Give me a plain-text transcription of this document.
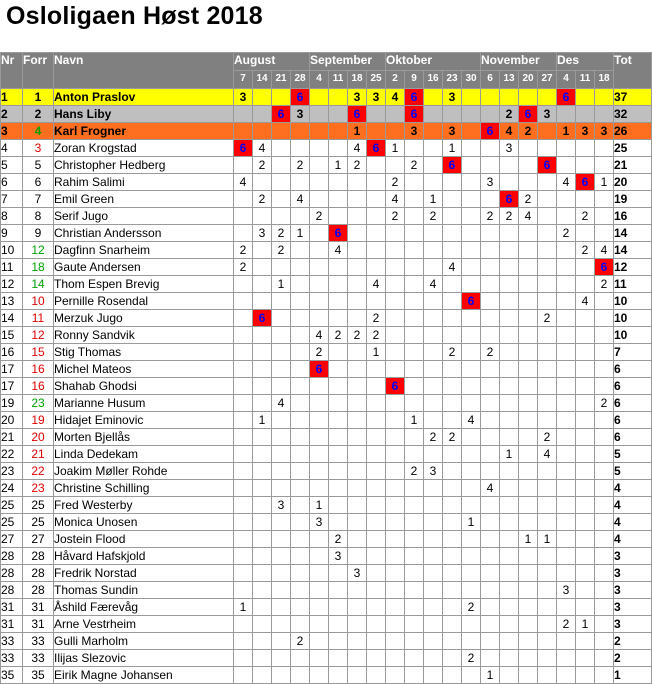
Osloligaen Høst 2018
Nr	Forr	Navn	August				September				Oktober					November				Des			Tot
			7	14	21	28	4	11	18	25	2	9	16	23	30	6	13	20	27	4	11	18	
1	1	Anton Praslov	3			6			3	3	4	6		3						6			37
2	2	Hans Liby			6	3			6			6					2	6	3				32
3	4	Karl Frogner							1			3		3		6	4	2		1	3	3	26
4	3	Zoran Krogstad	6	4					4	6	1			1			3						25
5	5	Christopher Hedberg		2		2		1	2			2		6					6				21
6	6	Rahim Salimi	4								2					3				4	6	1	20
7	7	Emil Green		2		4					4		1				6	2					19
8	8	Serif Jugo					2				2		2			2	2	4			2		16
9	9	Christian Andersson		3	2	1		6												2			14
10	12	Dagfinn Snarheim	2		2			4													2	4	14
11	18	Gaute Andersen	2											4								6	12
12	14	Thom Espen Brevig			1					4			4									2	11
13	10	Pernille Rosendal													6						4		10
14	11	Merzuk Jugo		6						2									2				10
15	12	Ronny Sandvik					4	2	2	2													10
16	15	Stig Thomas					2			1				2		2							7
17	16	Michel Mateos					6																6
17	16	Shahab Ghodsi									6												6
19	23	Marianne Husum			4																	2	6
20	19	Hidajet Eminovic		1								1			4								6
21	20	Morten Bjellås											2	2					2				6
22	21	Linda Dedekam															1		4				5
23	22	Joakim Møller Rohde										2	3										5
24	23	Christine Schilling														4							4
25	25	Fred Westerby			3		1																4
25	25	Monica Unosen					3								1								4
27	27	Jostein Flood						2										1	1				4
28	28	Håvard Hafskjold						3															3
28	28	Fredrik Norstad							3														3
28	28	Thomas Sundin																		3			3
31	31	Åshild Færevåg	1												2								3
31	31	Arne Vestrheim																		2	1		3
33	33	Gulli Marholm				2																	2
33	33	Ilijas Slezovic													2								2
35	35	Eirik Magne Johansen														1							1
